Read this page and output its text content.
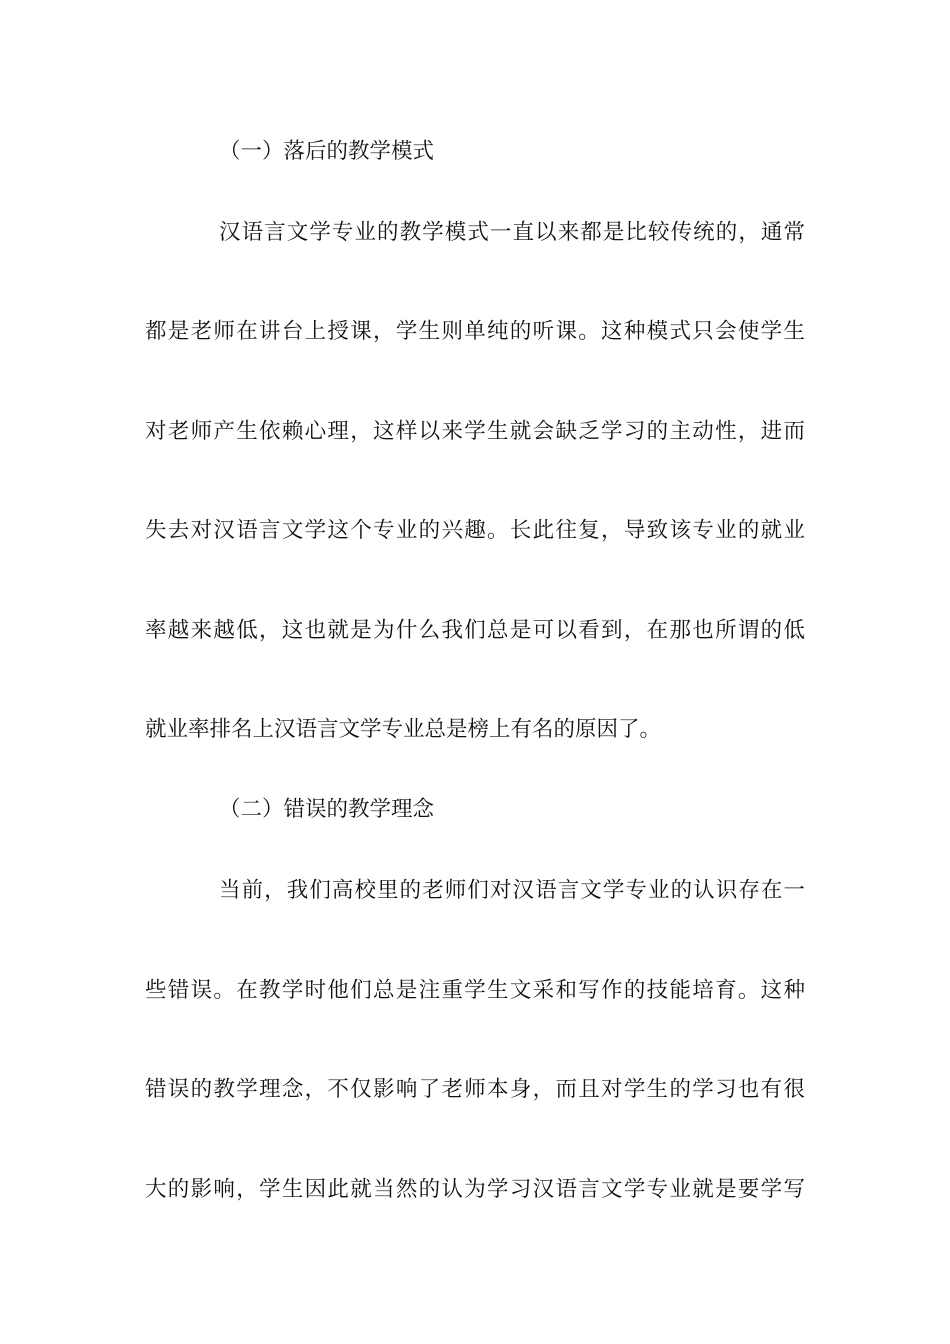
（一）落后的教学模式
汉语言文学专业的教学模式一直以来都是比较传统的，通常
都是老师在讲台上授课，学生则单纯的听课。这种模式只会使学生
对老师产生依赖心理，这样以来学生就会缺乏学习的主动性，进而
失去对汉语言文学这个专业的兴趣。长此往复，导致该专业的就业
率越来越低，这也就是为什么我们总是可以看到，在那也所谓的低
就业率排名上汉语言文学专业总是榜上有名的原因了。
（二）错误的教学理念
当前，我们高校里的老师们对汉语言文学专业的认识存在一
些错误。在教学时他们总是注重学生文采和写作的技能培育。这种
错误的教学理念，不仅影响了老师本身，而且对学生的学习也有很
大的影响，学生因此就当然的认为学习汉语言文学专业就是要学写
